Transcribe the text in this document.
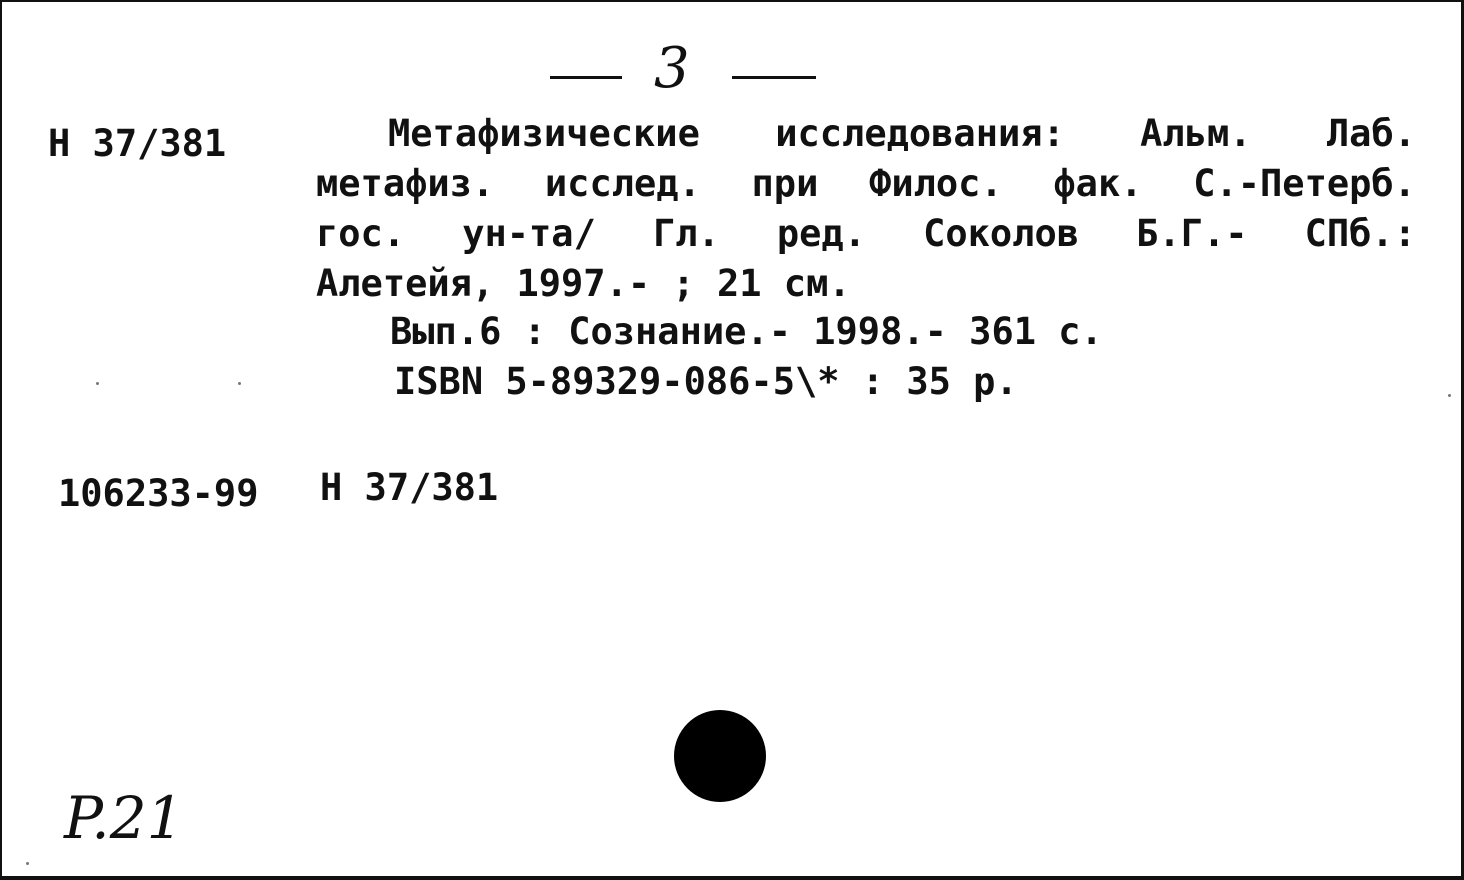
3
Н 37/381	Метафизические исследования: Альм. Лаб.
метафиз. исслед. при Филос. фак. С.-Петерб.
гос. ун-та/ Гл. ред. Соколов Б.Г.- СПб.:
Алетейя, 1997.- ; 21 см.
Вып.6 : Сознание.- 1998.- 361 с.
ISBN 5-89329-086-5\* : 35 р.
106233-99 Н 37/381
P.21
